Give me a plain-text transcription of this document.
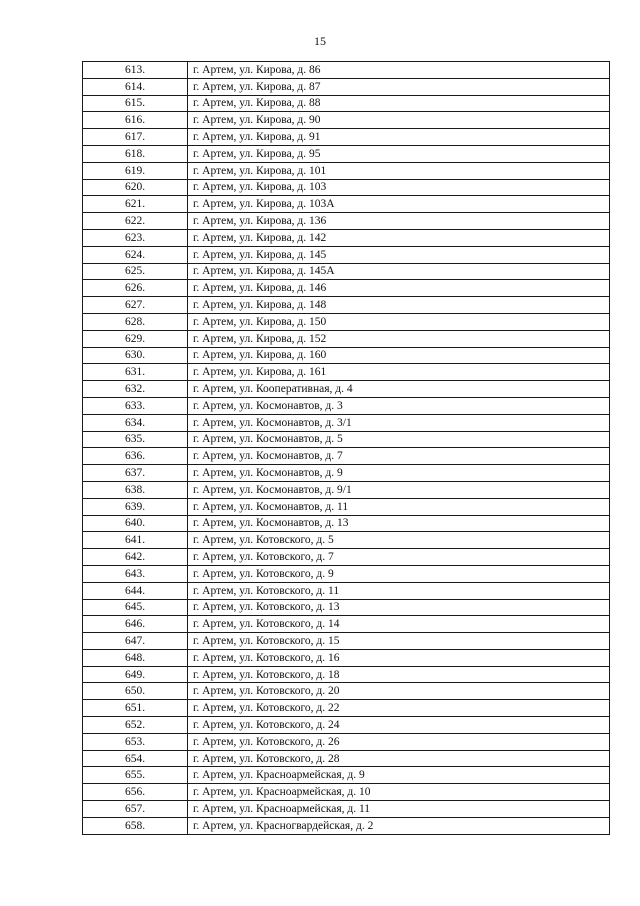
15
613.	г. Артем, ул. Кирова, д. 86
614.	г. Артем, ул. Кирова, д. 87
615.	г. Артем, ул. Кирова, д. 88
616.	г. Артем, ул. Кирова, д. 90
617.	г. Артем, ул. Кирова, д. 91
618.	г. Артем, ул. Кирова, д. 95
619.	г. Артем, ул. Кирова, д. 101
620.	г. Артем, ул. Кирова, д. 103
621.	г. Артем, ул. Кирова, д. 103А
622.	г. Артем, ул. Кирова, д. 136
623.	г. Артем, ул. Кирова, д. 142
624.	г. Артем, ул. Кирова, д. 145
625.	г. Артем, ул. Кирова, д. 145А
626.	г. Артем, ул. Кирова, д. 146
627.	г. Артем, ул. Кирова, д. 148
628.	г. Артем, ул. Кирова, д. 150
629.	г. Артем, ул. Кирова, д. 152
630.	г. Артем, ул. Кирова, д. 160
631.	г. Артем, ул. Кирова, д. 161
632.	г. Артем, ул. Кооперативная, д. 4
633.	г. Артем, ул. Космонавтов, д. 3
634.	г. Артем, ул. Космонавтов, д. 3/1
635.	г. Артем, ул. Космонавтов, д. 5
636.	г. Артем, ул. Космонавтов, д. 7
637.	г. Артем, ул. Космонавтов, д. 9
638.	г. Артем, ул. Космонавтов, д. 9/1
639.	г. Артем, ул. Космонавтов, д. 11
640.	г. Артем, ул. Космонавтов, д. 13
641.	г. Артем, ул. Котовского, д. 5
642.	г. Артем, ул. Котовского, д. 7
643.	г. Артем, ул. Котовского, д. 9
644.	г. Артем, ул. Котовского, д. 11
645.	г. Артем, ул. Котовского, д. 13
646.	г. Артем, ул. Котовского, д. 14
647.	г. Артем, ул. Котовского, д. 15
648.	г. Артем, ул. Котовского, д. 16
649.	г. Артем, ул. Котовского, д. 18
650.	г. Артем, ул. Котовского, д. 20
651.	г. Артем, ул. Котовского, д. 22
652.	г. Артем, ул. Котовского, д. 24
653.	г. Артем, ул. Котовского, д. 26
654.	г. Артем, ул. Котовского, д. 28
655.	г. Артем, ул. Красноармейская, д. 9
656.	г. Артем, ул. Красноармейская, д. 10
657.	г. Артем, ул. Красноармейская, д. 11
658.	г. Артем, ул. Красногвардейская, д. 2
